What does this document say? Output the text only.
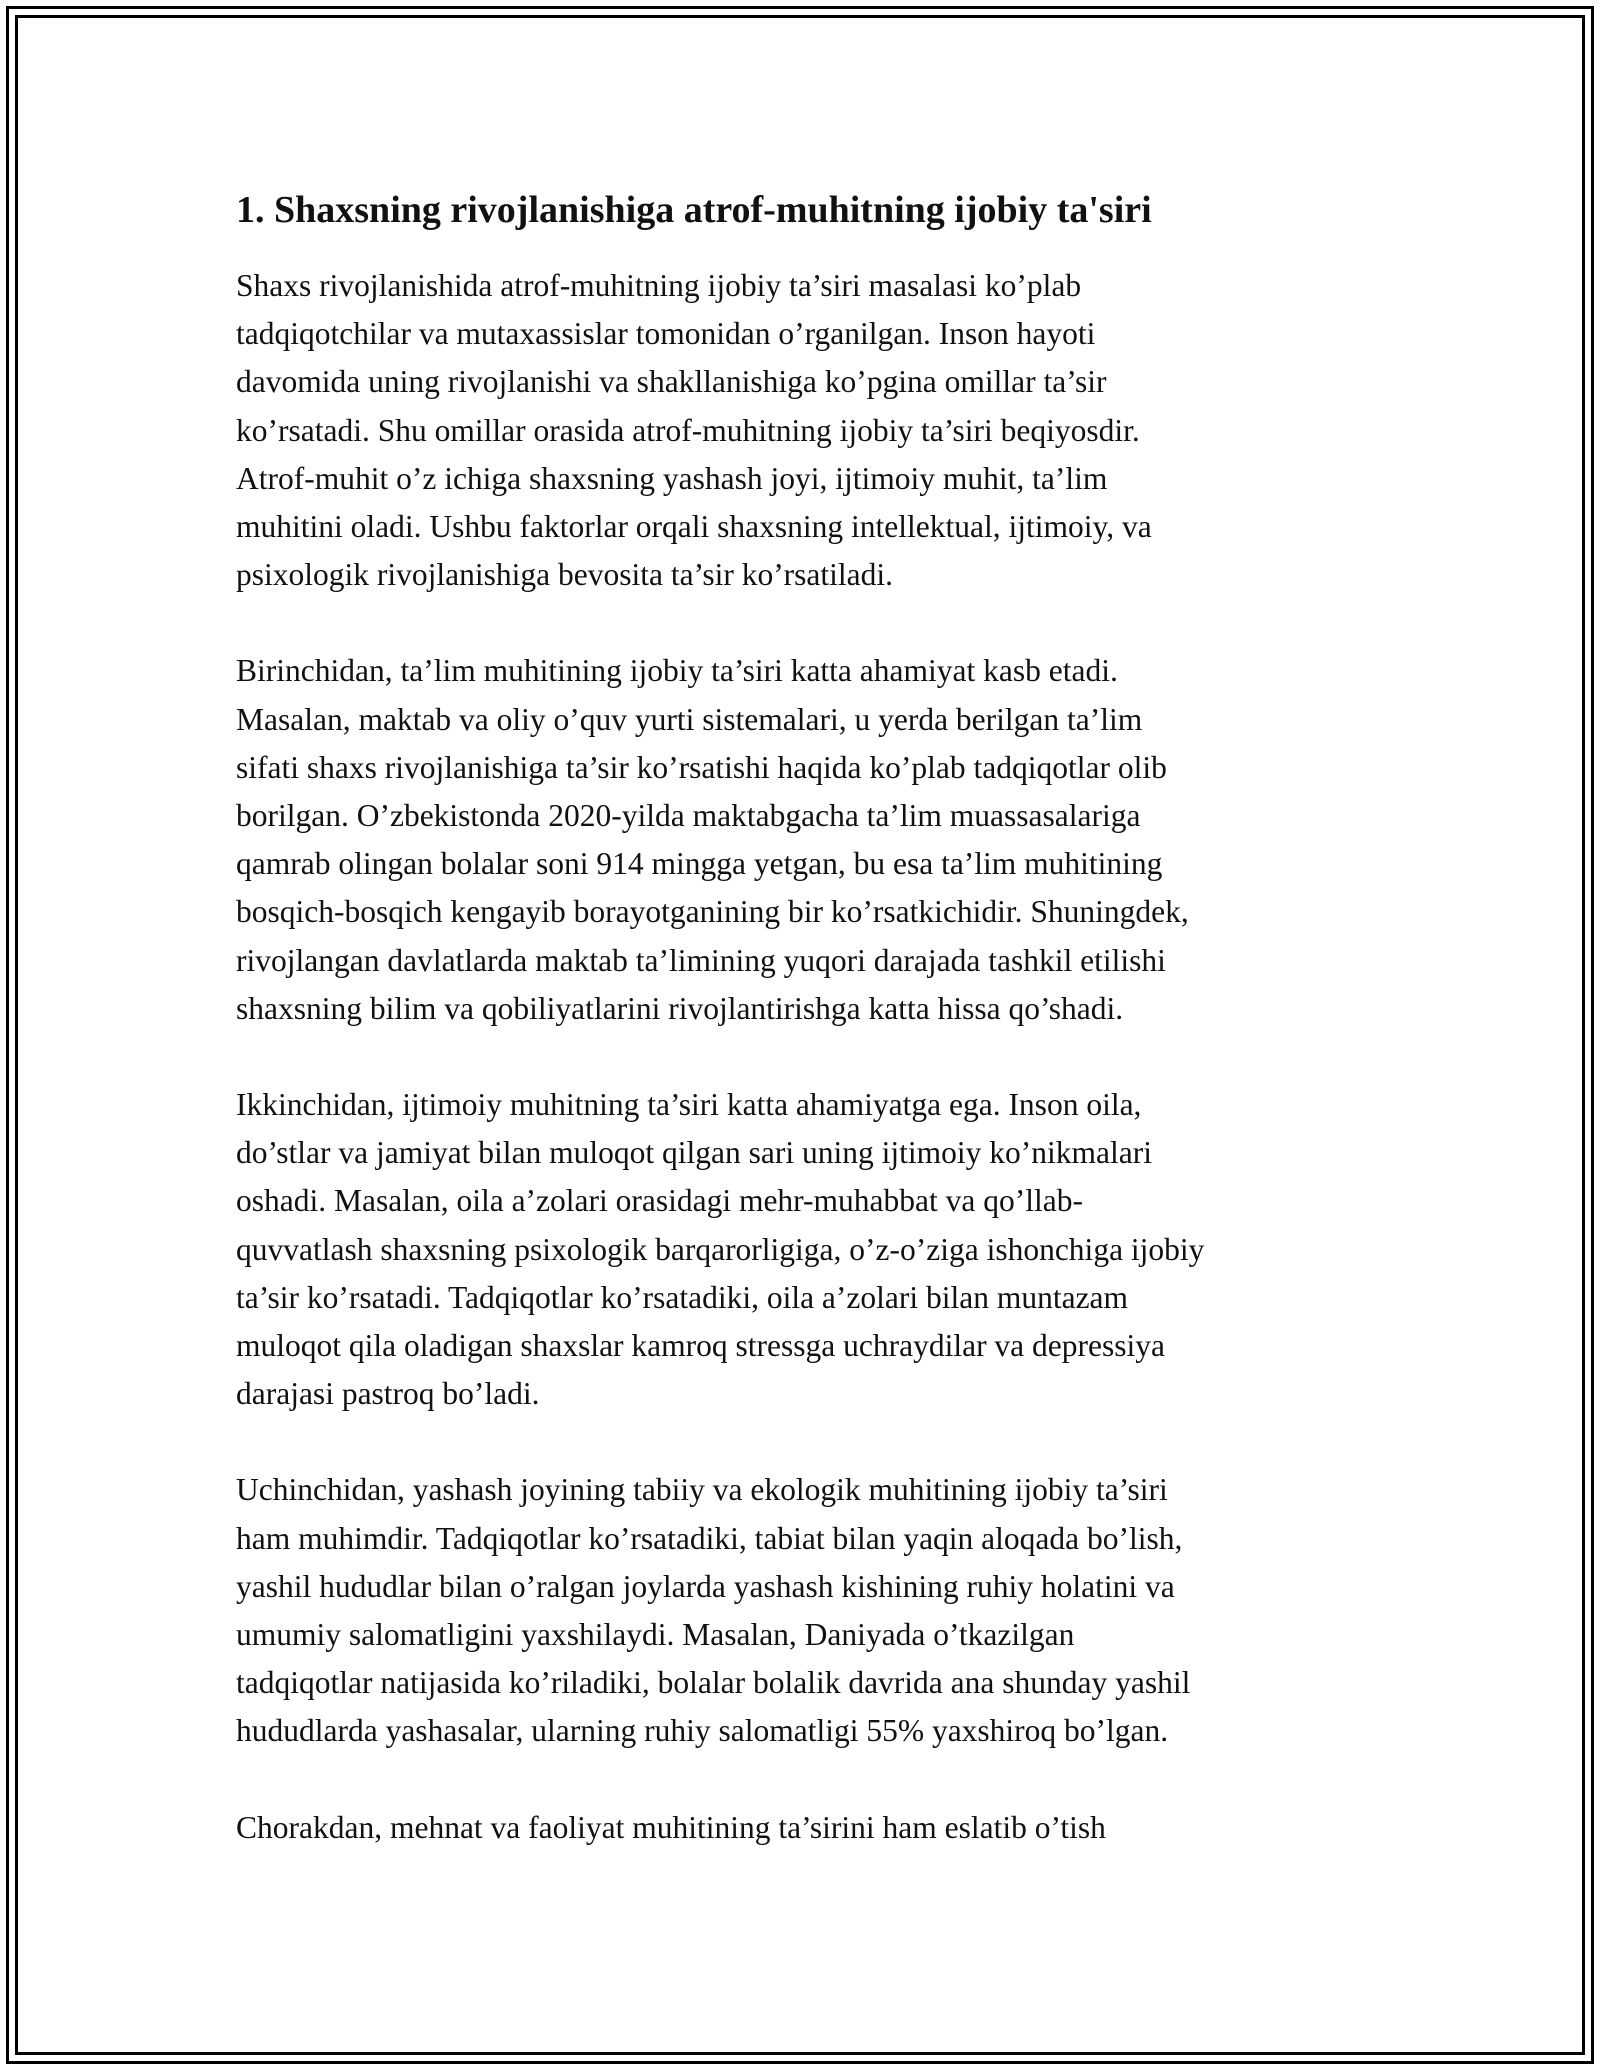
1. Shaxsning rivojlanishiga atrof-muhitning ijobiy ta'siri

Shaxs rivojlanishida atrof-muhitning ijobiy ta’siri masalasi ko’plab
tadqiqotchilar va mutaxassislar tomonidan o’rganilgan. Inson hayoti
davomida uning rivojlanishi va shakllanishiga ko’pgina omillar ta’sir
ko’rsatadi. Shu omillar orasida atrof-muhitning ijobiy ta’siri beqiyosdir.
Atrof-muhit o’z ichiga shaxsning yashash joyi, ijtimoiy muhit, ta’lim
muhitini oladi. Ushbu faktorlar orqali shaxsning intellektual, ijtimoiy, va
psixologik rivojlanishiga bevosita ta’sir ko’rsatiladi.

Birinchidan, ta’lim muhitining ijobiy ta’siri katta ahamiyat kasb etadi.
Masalan, maktab va oliy o’quv yurti sistemalari, u yerda berilgan ta’lim
sifati shaxs rivojlanishiga ta’sir ko’rsatishi haqida ko’plab tadqiqotlar olib
borilgan. O’zbekistonda 2020-yilda maktabgacha ta’lim muassasalariga
qamrab olingan bolalar soni 914 mingga yetgan, bu esa ta’lim muhitining
bosqich-bosqich kengayib borayotganining bir ko’rsatkichidir. Shuningdek,
rivojlangan davlatlarda maktab ta’limining yuqori darajada tashkil etilishi
shaxsning bilim va qobiliyatlarini rivojlantirishga katta hissa qo’shadi.

Ikkinchidan, ijtimoiy muhitning ta’siri katta ahamiyatga ega. Inson oila,
do’stlar va jamiyat bilan muloqot qilgan sari uning ijtimoiy ko’nikmalari
oshadi. Masalan, oila a’zolari orasidagi mehr-muhabbat va qo’llab-
quvvatlash shaxsning psixologik barqarorligiga, o’z-o’ziga ishonchiga ijobiy
ta’sir ko’rsatadi. Tadqiqotlar ko’rsatadiki, oila a’zolari bilan muntazam
muloqot qila oladigan shaxslar kamroq stressga uchraydilar va depressiya
darajasi pastroq bo’ladi.

Uchinchidan, yashash joyining tabiiy va ekologik muhitining ijobiy ta’siri
ham muhimdir. Tadqiqotlar ko’rsatadiki, tabiat bilan yaqin aloqada bo’lish,
yashil hududlar bilan o’ralgan joylarda yashash kishining ruhiy holatini va
umumiy salomatligini yaxshilaydi. Masalan, Daniyada o’tkazilgan
tadqiqotlar natijasida ko’riladiki, bolalar bolalik davrida ana shunday yashil
hududlarda yashasalar, ularning ruhiy salomatligi 55% yaxshiroq bo’lgan.

Chorakdan, mehnat va faoliyat muhitining ta’sirini ham eslatib o’tish
